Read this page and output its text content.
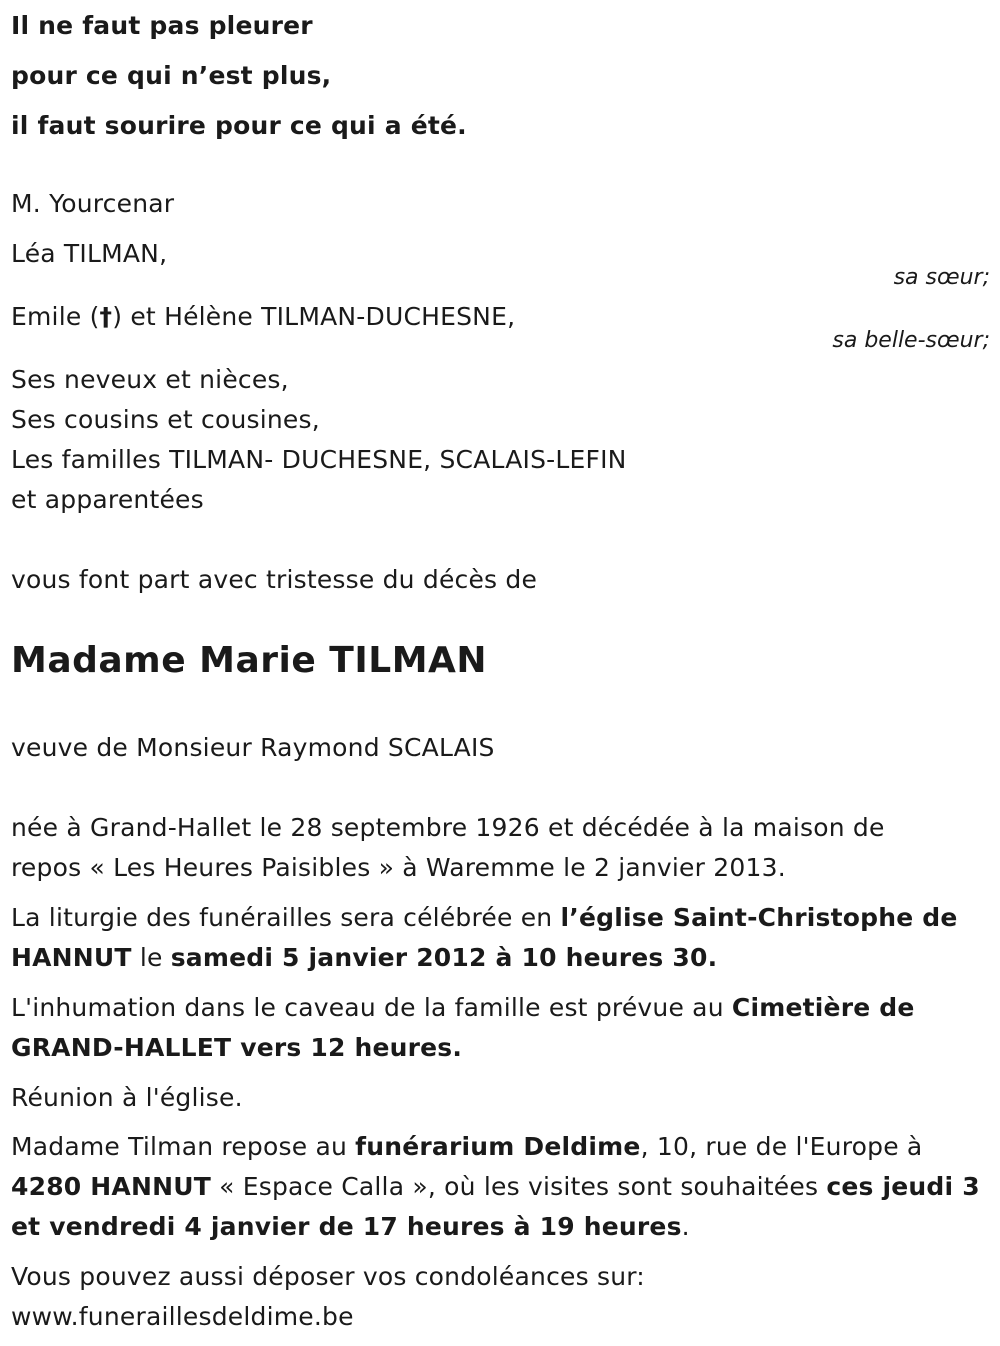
Il ne faut pas pleurer

pour ce qui n’est plus,

il faut sourire pour ce qui a été.

M. Yourcenar

Léa TILMAN,

sa sœur;

Emile (†) et Hélène TILMAN-DUCHESNE,

sa belle-sœur;

Ses neveux et nièces,

Ses cousins et cousines,

Les familles TILMAN- DUCHESNE, SCALAIS-LEFIN

et apparentées

vous font part avec tristesse du décès de

Madame Marie TILMAN

veuve de Monsieur Raymond SCALAIS

née à Grand-Hallet le 28 septembre 1926 et décédée à la maison de

repos « Les Heures Paisibles » à Waremme le 2 janvier 2013.

La liturgie des funérailles sera célébrée en l’église Saint-Christophe de

HANNUT le samedi 5 janvier 2012 à 10 heures 30.

L'inhumation dans le caveau de la famille est prévue au Cimetière de

GRAND-HALLET vers 12 heures.

Réunion à l'église.

Madame Tilman repose au funérarium Deldime, 10, rue de l'Europe à

4280 HANNUT « Espace Calla », où les visites sont souhaitées ces jeudi 3

et vendredi 4 janvier de 17 heures à 19 heures.

Vous pouvez aussi déposer vos condoléances sur:

www.funeraillesdeldime.be
